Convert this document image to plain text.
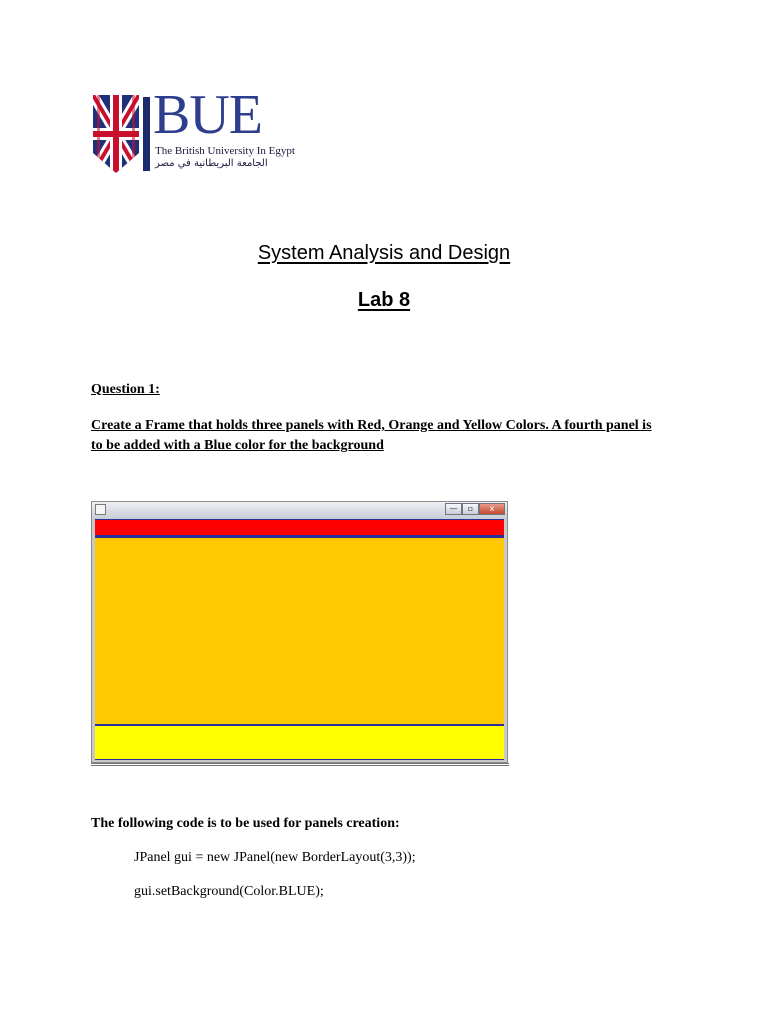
BUE
The British University In Egypt
الجامعة البريطانية في مصر
System Analysis and Design
Lab 8
Question 1:
Create a Frame that holds three panels with Red, Orange and Yellow Colors. A fourth panel is to be added with a Blue color for the background
—	▫	x
The following code is to be used for panels creation:
JPanel gui = new JPanel(new BorderLayout(3,3));
gui.setBackground(Color.BLUE);
